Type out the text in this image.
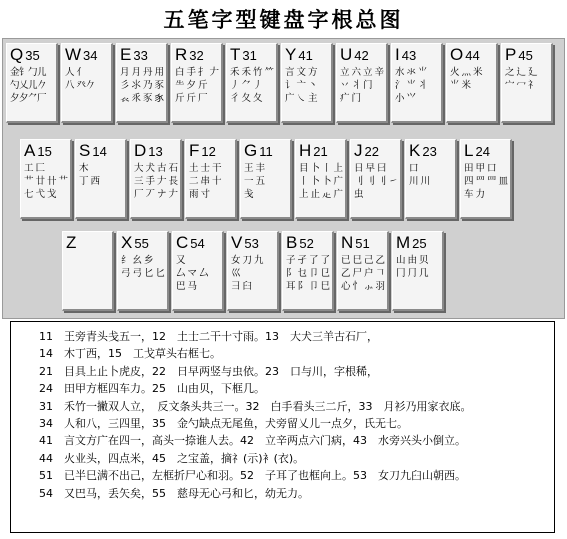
五笔字型键盘字根总图
Q 35
金钅勹儿
勺乂儿𠂊
夕夕⺈厂
W 34
人 亻
八 癶𠂊
E 33
月 月 丹 用
彡 ⺢ 乃 豕
𧘇 乑 豕 𧰨
R 32
白 手 扌 𠂇
⺧ 夕 斤
斤 斤 厂
T 31
禾 禾 竹 ⺮
丿 ⺈ 丿
彳 夂 夂
Y 41
言 文 方
讠 亠 丶
广 ㇏ 主
U 42
立 六 立 辛
丷 丬 门
疒 门
I 43
水 氺 ⺌
氵 ⺌ 丬
小 ⺍
O 44
火 灬 米
⺌ 米
P 45
之 辶 廴
宀 冖 礻
A 15
工 匚
艹 廿 卄 艹
七 弋 戈
S 14
木
丁 西
D 13
大 犬 古 石
三 手 𠂇 長
厂 丆 ナ 𠂇
F 12
土 士 干
二 串 十
雨 寸
G 11
王 丰
一 五
戋
H 21
目 卜 丨 上
丨 卜 卜 广
上 止 龰 广
J 22
日 早 曰
刂 刂 刂 ㇀
虫
K 23
口
川 川
L 24
田 甲 口
四 罒 罒 皿
车 力
Z	X 55
纟 幺 乡
弓 弓 匕 匕
C 54
又
厶 マ 厶
巴 马
V 53
女 刀 九
巛
彐 臼
B 52
子 孑 了 了
阝 乜 卩 㔾
耳 阝 卩 巳
N 51
已 巳 己 乙
乙 尸 户 𠃍
心 忄 ⺗ 羽
M 25
山 由 贝
冂 ⺆ 几
11　王旁青头戋五一，12　土士二干十寸雨。13　大犬三羊古石厂，
14　木丁西，15　工戈草头右框七。
21　目具上止卜虎皮，22　日早两竖与虫依。23　口与川，字根稀，
24　田甲方框四车力。25　山由贝，下框几。
31　禾竹一撇双人立，　反文条头共三一。32　白手看头三二斤，33　月衫乃用家衣底。
34　人和八，三四里，35　金勺缺点无尾鱼，犬旁留乂儿一点夕，氏无七。
41　言文方广在四一，高头一捺谁人去。42　立辛两点六门病，43　水旁兴头小倒立。
44　火业头，四点米，45　之宝盖，摘礻(示)衤(衣)。
51　已半巳满不出己，左框折尸心和羽。52　子耳了也框向上。53　女刀九臼山朝西。
54　又巴马，丢矢矣，55　慈母无心弓和匕，幼无力。
